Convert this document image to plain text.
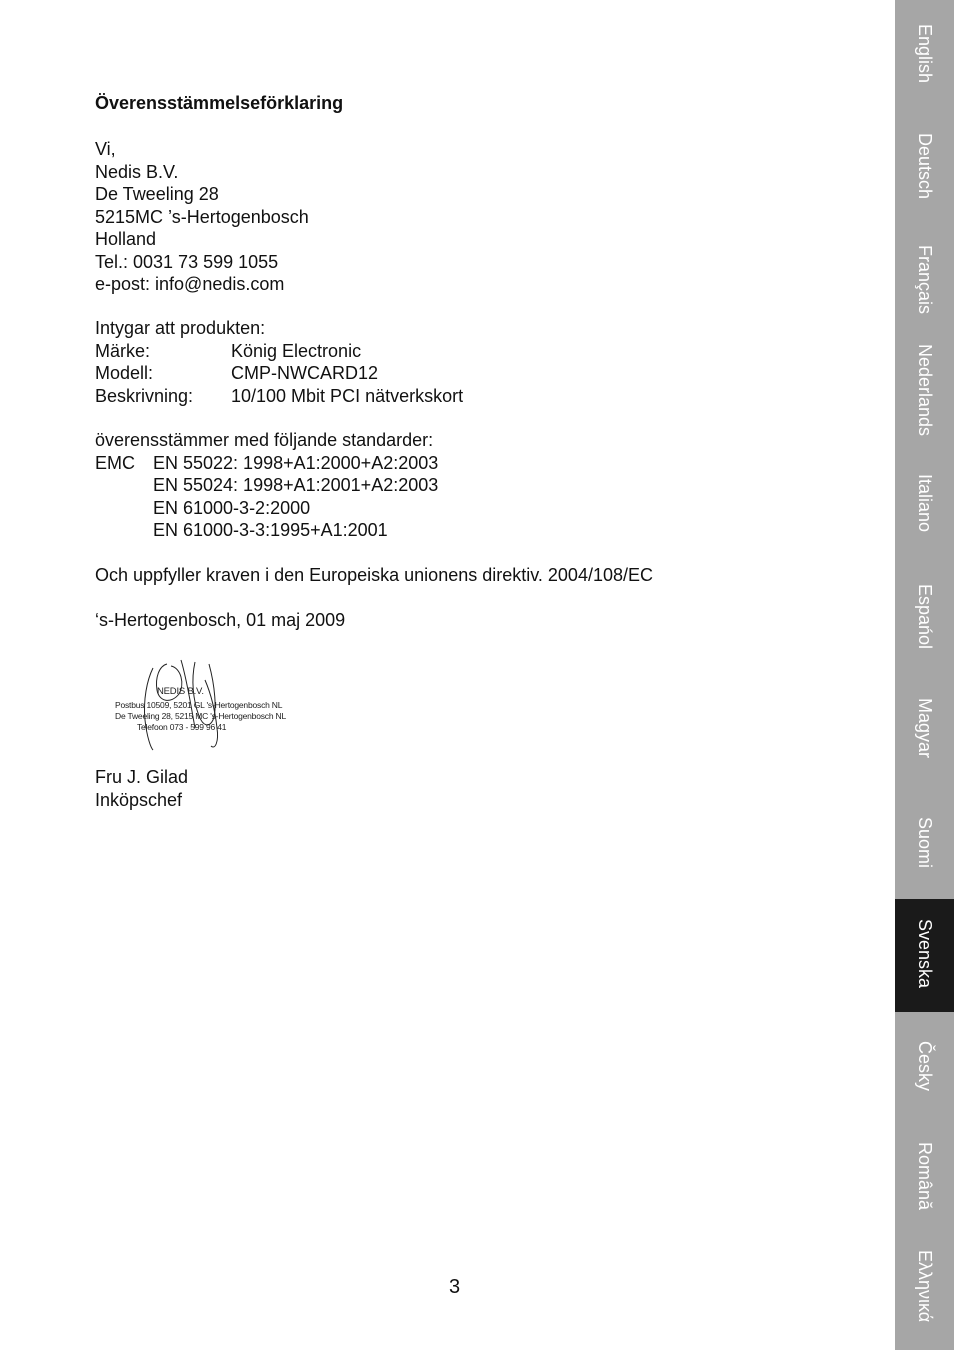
Överensstämmelseförklaring
Vi,
Nedis B.V.
De Tweeling 28
5215MC ’s-Hertogenbosch
Holland
Tel.: 0031 73 599 1055
e-post: info@nedis.com
Intygar att produkten:
Märke:	König Electronic
Modell:	CMP-NWCARD12
Beskrivning:	10/100 Mbit PCI nätverkskort
överensstämmer med följande standarder:
EMC	EN 55022: 1998+A1:2000+A2:2003
EN 55024: 1998+A1:2001+A2:2003
EN 61000-3-2:2000
EN 61000-3-3:1995+A1:2001
Och uppfyller kraven i den Europeiska unionens direktiv. 2004/108/EC
‘s-Hertogenbosch, 01 maj 2009
NEDIS B.V.
Postbus 10509, 5201 GL 's-Hertogenbosch NL
De Tweeling 28, 5215 MC 's-Hertogenbosch NL
Telefoon 073 - 599 96 41
Fru J. Gilad
Inköpschef
3
English
Deutsch
Français
Nederlands
Italiano
Espańol
Magyar
Suomi
Svenska
Česky
Română
Ελληνικά
